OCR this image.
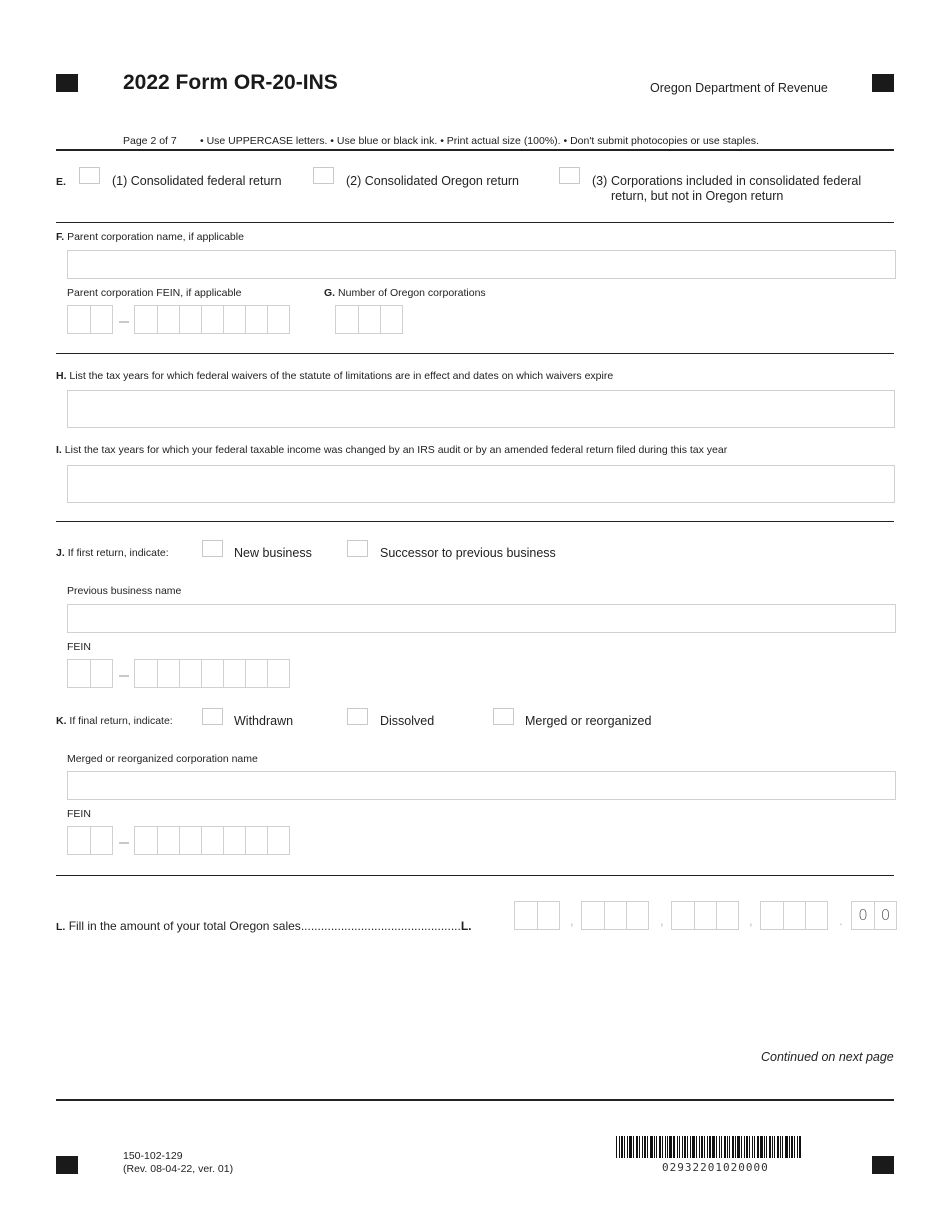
2022 Form OR-20-INS	Oregon Department of Revenue
Page 2 of 7 • Use UPPERCASE letters. • Use blue or black ink. • Print actual size (100%). • Don't submit photocopies or use staples.
E.	(1) Consolidated federal return	(2) Consolidated Oregon return	(3) Corporations included in consolidated federal
return, but not in Oregon return
F. Parent corporation name, if applicable
Parent corporation FEIN, if applicable	G. Number of Oregon corporations
H. List the tax years for which federal waivers of the statute of limitations are in effect and dates on which waivers expire
I. List the tax years for which your federal taxable income was changed by an IRS audit or by an amended federal return filed during this tax year
J. If first return, indicate:	New business	Successor to previous business
Previous business name
FEIN
K. If final return, indicate:	Withdrawn	Dissolved	Merged or reorganized
Merged or reorganized corporation name
FEIN
L. Fill in the amount of your total Oregon sales................................................L.	,	,	,	.	0 0
Continued on next page
150-102-129
(Rev. 08-04-22, ver. 01)	02932201020000
